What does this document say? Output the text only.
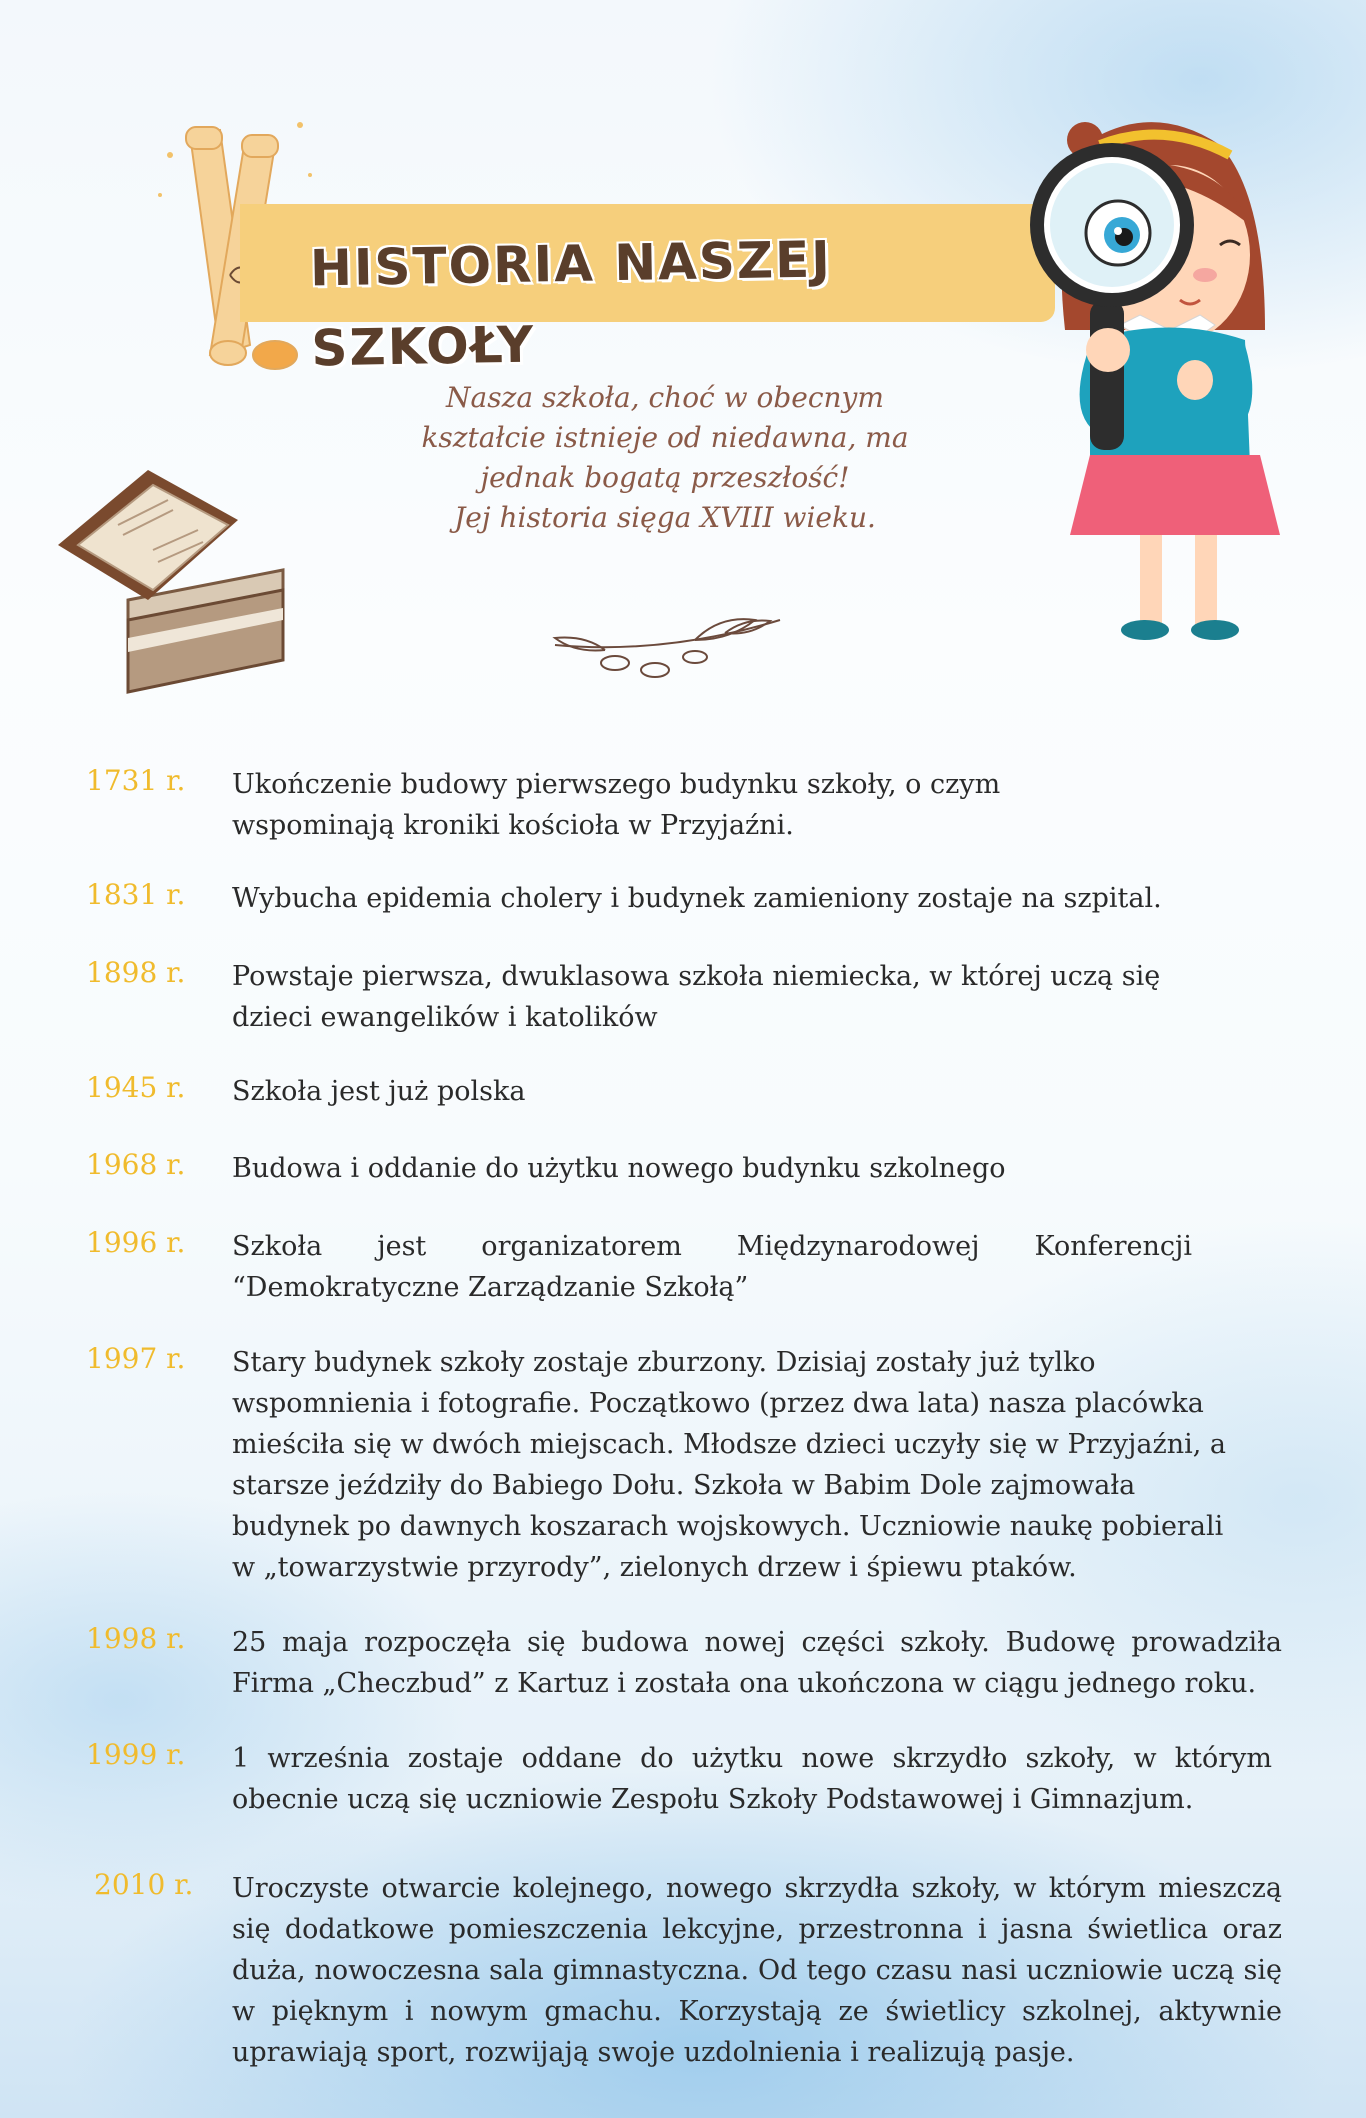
HISTORIA NASZEJ SZKOŁY
Nasza szkoła, choć w obecnym
kształcie istnieje od niedawna, ma
jednak bogatą przeszłość!
Jej historia sięga XVIII wieku.
1731 r.	Ukończenie budowy pierwszego budynku szkoły, o czym wspominają kroniki kościoła w Przyjaźni.
1831 r.	Wybucha epidemia cholery i budynek zamieniony zostaje na szpital.
1898 r.	Powstaje pierwsza, dwuklasowa szkoła niemiecka, w której uczą się dzieci ewangelików i katolików
1945 r.	Szkoła jest już polska
1968 r.	Budowa i oddanie do użytku nowego budynku szkolnego
1996 r.	Szkoła jest organizatorem Międzynarodowej Konferencji “Demokratyczne Zarządzanie Szkołą”
1997 r.	Stary budynek szkoły zostaje zburzony. Dzisiaj zostały już tylko wspomnienia i fotografie. Początkowo (przez dwa lata) nasza placówka mieściła się w dwóch miejscach. Młodsze dzieci uczyły się w Przyjaźni, a starsze jeździły do Babiego Dołu. Szkoła w Babim Dole zajmowała budynek po dawnych koszarach wojskowych. Uczniowie naukę pobierali w „towarzystwie przyrody”, zielonych drzew i śpiewu ptaków.
1998 r.	25 maja rozpoczęła się budowa nowej części szkoły. Budowę prowadziła Firma „Checzbud” z Kartuz i została ona ukończona w ciągu jednego roku.
1999 r.	1 września zostaje oddane do użytku nowe skrzydło szkoły, w którym obecnie uczą się uczniowie Zespołu Szkoły Podstawowej i Gimnazjum.
2010 r.	Uroczyste otwarcie kolejnego, nowego skrzydła szkoły, w którym mieszczą się dodatkowe pomieszczenia lekcyjne, przestronna i jasna świetlica oraz duża, nowoczesna sala gimnastyczna. Od tego czasu nasi uczniowie uczą się w pięknym i nowym gmachu. Korzystają ze świetlicy szkolnej, aktywnie uprawiają sport, rozwijają swoje uzdolnienia i realizują pasje.
